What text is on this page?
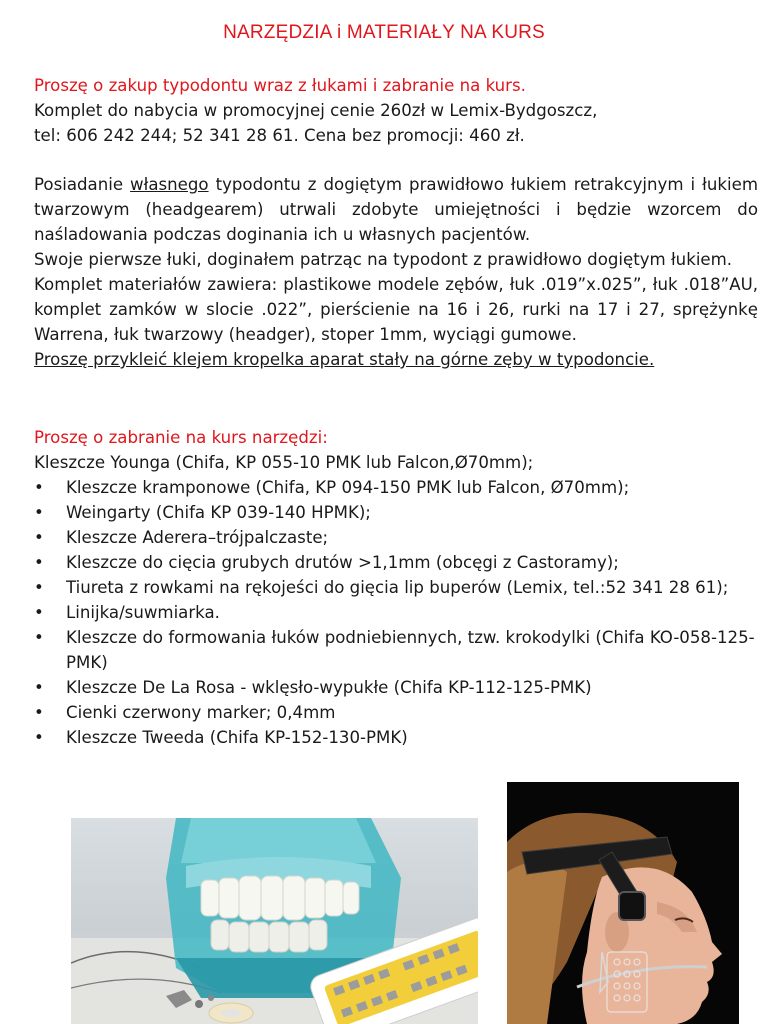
NARZĘDZIA i MATERIAŁY NA KURS

Proszę o zakup typodontu wraz z łukami i zabranie na kurs.

Komplet do nabycia w promocyjnej cenie 260zł w Lemix-Bydgoszcz,

tel: 606 242 244; 52 341 28 61. Cena bez promocji: 460 zł.

Posiadanie własnego typodontu z dogiętym prawidłowo łukiem retrakcyjnym i łukiem twarzowym (headgearem) utrwali zdobyte umiejętności i będzie wzorcem do naśladowania podczas doginania ich u własnych pacjentów.

Swoje pierwsze łuki, doginałem patrząc na typodont z prawidłowo dogiętym łukiem.

Komplet materiałów zawiera: plastikowe modele zębów, łuk .019”x.025”, łuk .018”AU, komplet zamków w slocie .022”, pierścienie na 16 i 26, rurki na 17 i 27, sprężynkę Warrena, łuk twarzowy (headger), stoper 1mm, wyciągi gumowe.

Proszę przykleić klejem kropelka aparat stały na górne zęby w typodoncie.

Proszę o zabranie na kurs narzędzi:

Kleszcze Younga (Chifa, KP 055-10 PMK lub Falcon,Ø70mm);

• Kleszcze kramponowe (Chifa, KP 094-150 PMK lub Falcon, Ø70mm);
• Weingarty (Chifa KP 039-140 HPMK);
• Kleszcze Aderera–trójpalczaste;
• Kleszcze do cięcia grubych drutów >1,1mm (obcęgi z Castoramy);
• Tiureta z rowkami na rękojeści do gięcia lip buperów (Lemix, tel.:52 341 28 61);
• Linijka/suwmiarka.
• Kleszcze do formowania łuków podniebiennych, tzw. krokodylki (Chifa KO-058-125-PMK)
• Kleszcze De La Rosa - wklęsło-wypukłe (Chifa KP-112-125-PMK)
• Cienki czerwony marker; 0,4mm
• Kleszcze Tweeda (Chifa KP-152-130-PMK)
